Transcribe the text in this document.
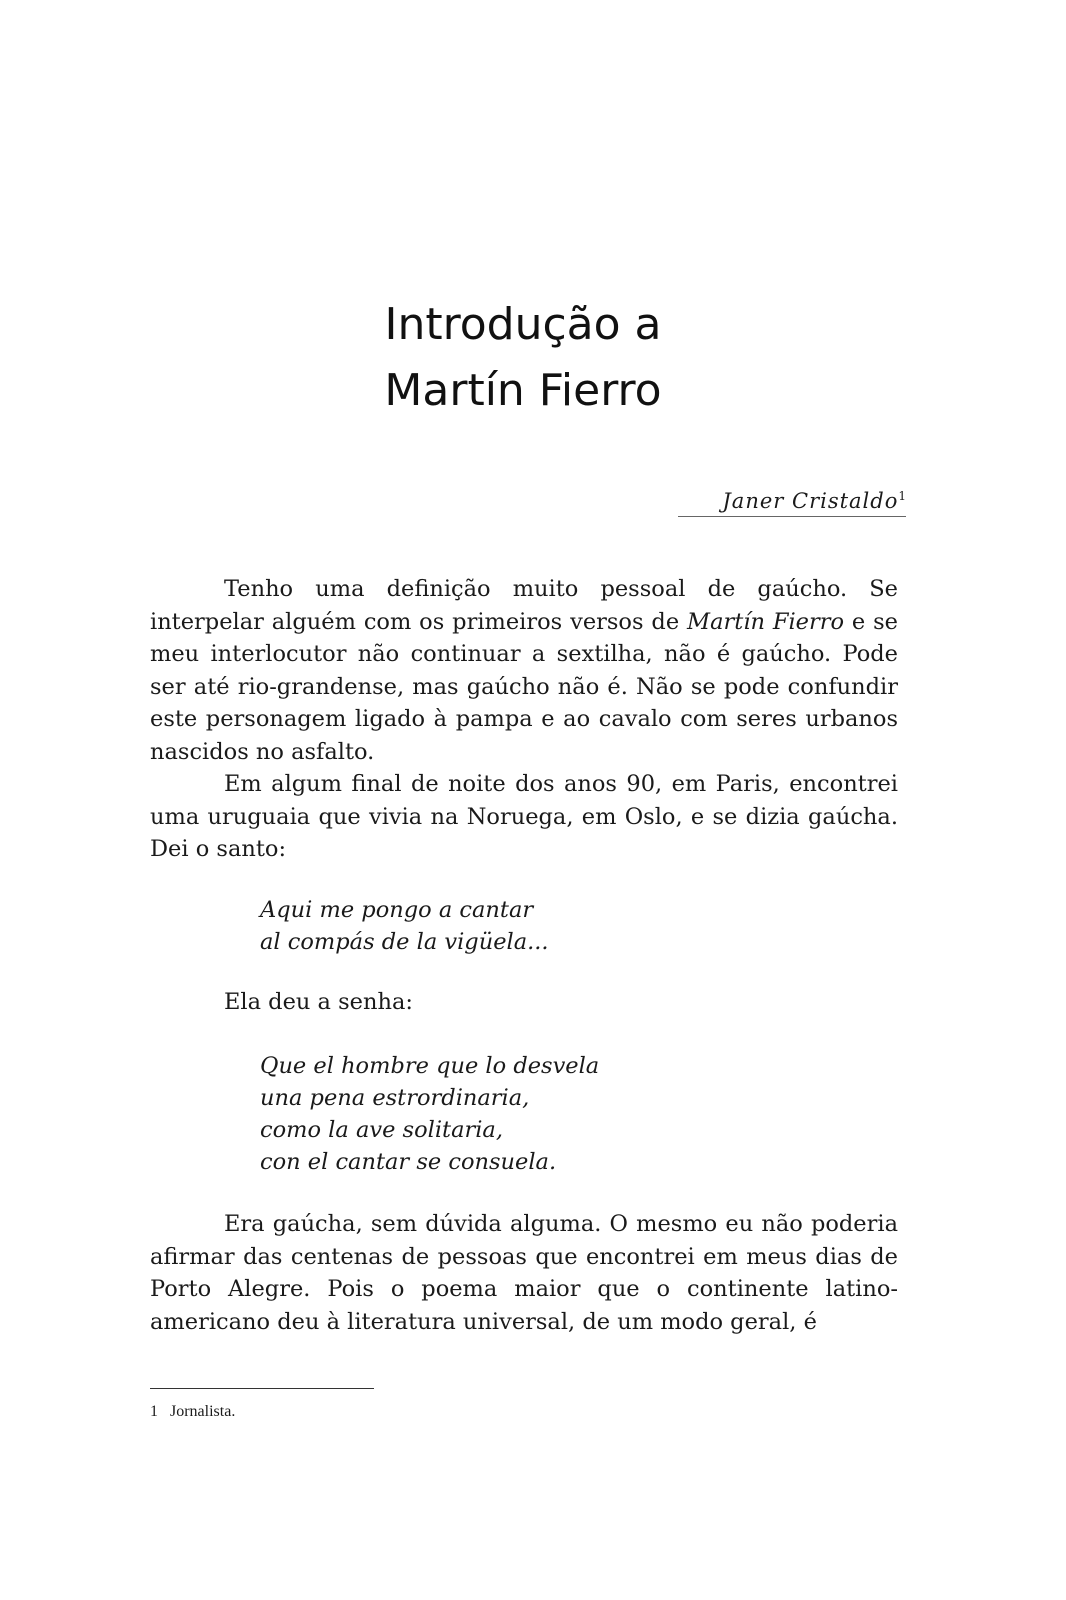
Introdução a
Martín Fierro
Janer Cristaldo$^1$

Tenho uma definição muito pessoal de gaúcho. Se interpelar alguém com os primeiros versos de Martín Fierro e se meu interlocutor não continuar a sextilha, não é gaúcho. Pode ser até rio-grandense, mas gaúcho não é. Não se pode confundir este personagem ligado à pampa e ao cavalo com seres urbanos nascidos no asfalto.

Em algum final de noite dos anos 90, em Paris, encontrei uma uruguaia que vivia na Noruega, em Oslo, e se dizia gaúcha. Dei o santo:

Aqui me pongo a cantar
al compás de la vigüela...

Ela deu a senha:

Que el hombre que lo desvela
una pena estrordinaria,
como la ave solitaria,
con el cantar se consuela.

Era gaúcha, sem dúvida alguma. O mesmo eu não poderia afirmar das centenas de pessoas que encontrei em meus dias de Porto Alegre. Pois o poema maior que o continente latino-americano deu à literatura universal, de um modo geral, é

1 Jornalista.
